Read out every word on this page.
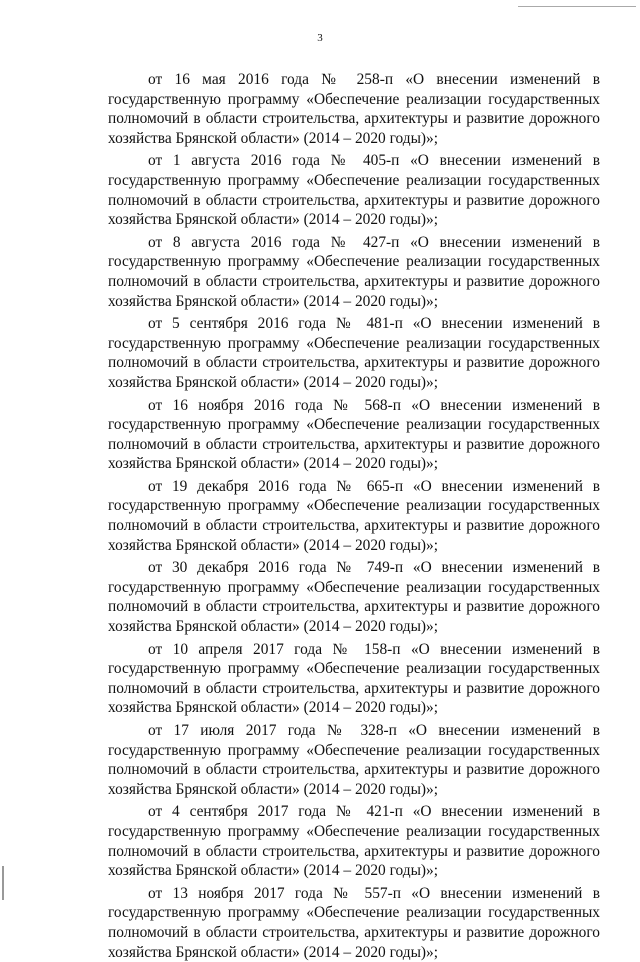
3

от 16 мая 2016 года № 258-п «О внесении изменений в государственную программу «Обеспечение реализации государственных полномочий в области строительства, архитектуры и развитие дорожного хозяйства Брянской области» (2014 – 2020 годы)»;

от 1 августа 2016 года № 405-п «О внесении изменений в государственную программу «Обеспечение реализации государственных полномочий в области строительства, архитектуры и развитие дорожного хозяйства Брянской области» (2014 – 2020 годы)»;

от 8 августа 2016 года № 427-п «О внесении изменений в государственную программу «Обеспечение реализации государственных полномочий в области строительства, архитектуры и развитие дорожного хозяйства Брянской области» (2014 – 2020 годы)»;

от 5 сентября 2016 года № 481-п «О внесении изменений в государственную программу «Обеспечение реализации государственных полномочий в области строительства, архитектуры и развитие дорожного хозяйства Брянской области» (2014 – 2020 годы)»;

от 16 ноября 2016 года № 568-п «О внесении изменений в государственную программу «Обеспечение реализации государственных полномочий в области строительства, архитектуры и развитие дорожного хозяйства Брянской области» (2014 – 2020 годы)»;

от 19 декабря 2016 года № 665-п «О внесении изменений в государственную программу «Обеспечение реализации государственных полномочий в области строительства, архитектуры и развитие дорожного хозяйства Брянской области» (2014 – 2020 годы)»;

от 30 декабря 2016 года № 749-п «О внесении изменений в государственную программу «Обеспечение реализации государственных полномочий в области строительства, архитектуры и развитие дорожного хозяйства Брянской области» (2014 – 2020 годы)»;

от 10 апреля 2017 года № 158-п «О внесении изменений в государственную программу «Обеспечение реализации государственных полномочий в области строительства, архитектуры и развитие дорожного хозяйства Брянской области» (2014 – 2020 годы)»;

от 17 июля 2017 года № 328-п «О внесении изменений в государственную программу «Обеспечение реализации государственных полномочий в области строительства, архитектуры и развитие дорожного хозяйства Брянской области» (2014 – 2020 годы)»;

от 4 сентября 2017 года № 421-п «О внесении изменений в государственную программу «Обеспечение реализации государственных полномочий в области строительства, архитектуры и развитие дорожного хозяйства Брянской области» (2014 – 2020 годы)»;

от 13 ноября 2017 года № 557-п «О внесении изменений в государственную программу «Обеспечение реализации государственных полномочий в области строительства, архитектуры и развитие дорожного хозяйства Брянской области» (2014 – 2020 годы)»;
